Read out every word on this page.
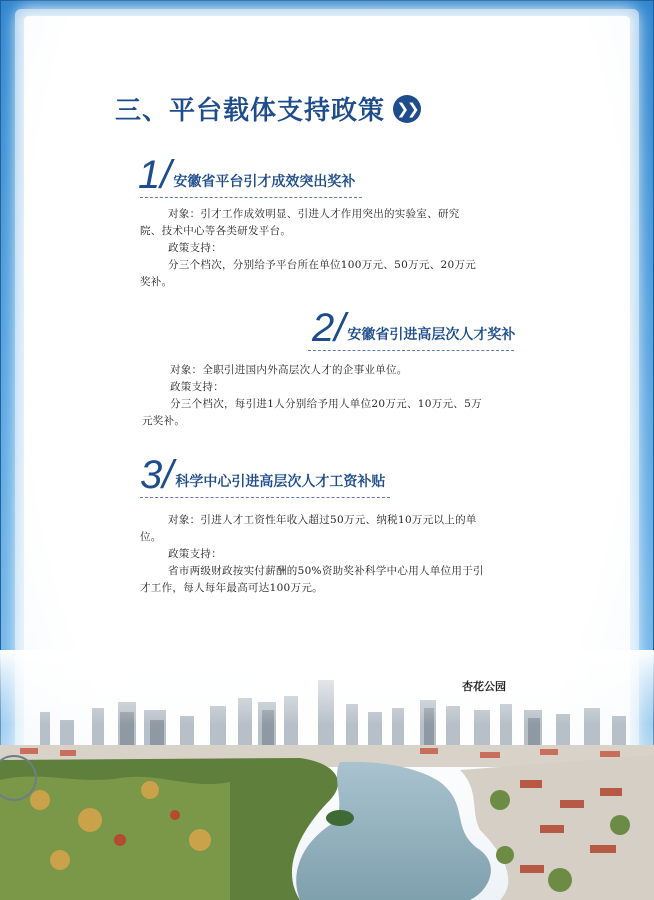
三、平台载体支持政策 ❯❯
1/ 安徽省平台引才成效突出奖补

对象：引才工作成效明显、引进人才作用突出的实验室、研究

院、技术中心等各类研发平台。

政策支持：

分三个档次，分别给予平台所在单位100万元、50万元、20万元

奖补。

2/ 安徽省引进高层次人才奖补

对象：全职引进国内外高层次人才的企事业单位。

政策支持：

分三个档次，每引进1人分别给予用人单位20万元、10万元、5万

元奖补。

3/ 科学中心引进高层次人才工资补贴

对象：引进人才工资性年收入超过50万元、纳税10万元以上的单

位。

政策支持：

省市两级财政按实付薪酬的50%资助奖补科学中心用人单位用于引

才工作，每人每年最高可达100万元。

杏花公园
